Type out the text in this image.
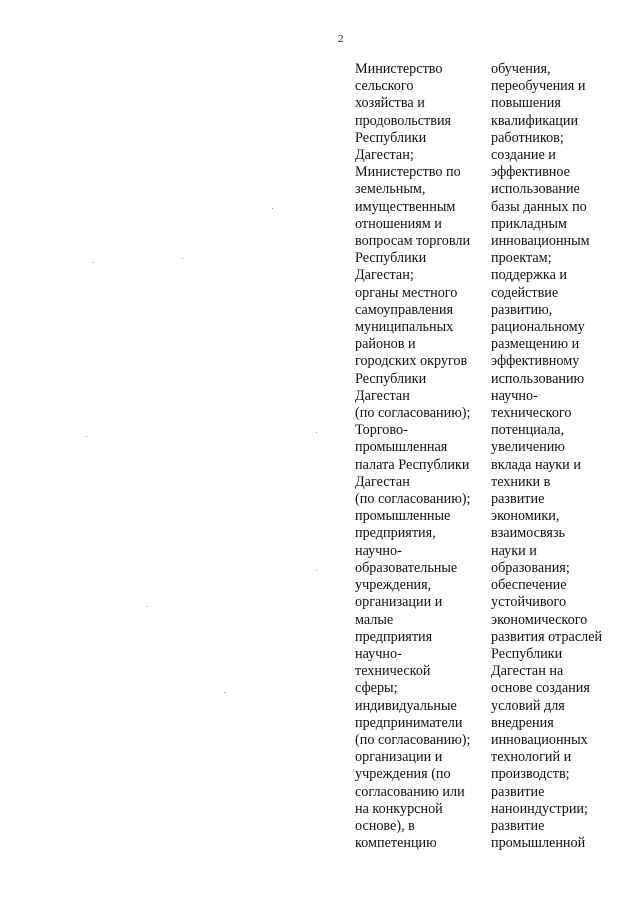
2
Министерство
сельского
хозяйства и
продовольствия
Республики
Дагестан;
Министерство по
земельным,
имущественным
отношениям и
вопросам торговли
Республики
Дагестан;
органы местного
самоуправления
муниципальных
районов и
городских округов
Республики
Дагестан
(по согласованию);
Торгово-
промышленная
палата Республики
Дагестан
(по согласованию);
промышленные
предприятия,
научно-
образовательные
учреждения,
организации и
малые
предприятия
научно-
технической
сферы;
индивидуальные
предприниматели
(по согласованию);
организации и
учреждения (по
согласованию или
на конкурсной
основе), в
компетенцию
обучения,
переобучения и
повышения
квалификации
работников;
создание и
эффективное
использование
базы данных по
прикладным
инновационным
проектам;
поддержка и
содействие
развитию,
рациональному
размещению и
эффективному
использованию
научно-
технического
потенциала,
увеличению
вклада науки и
техники в
развитие
экономики,
взаимосвязь
науки и
образования;
обеспечение
устойчивого
экономического
развития отраслей
Республики
Дагестан на
основе создания
условий для
внедрения
инновационных
технологий и
производств;
развитие
наноиндустрии;
развитие
промышленной
